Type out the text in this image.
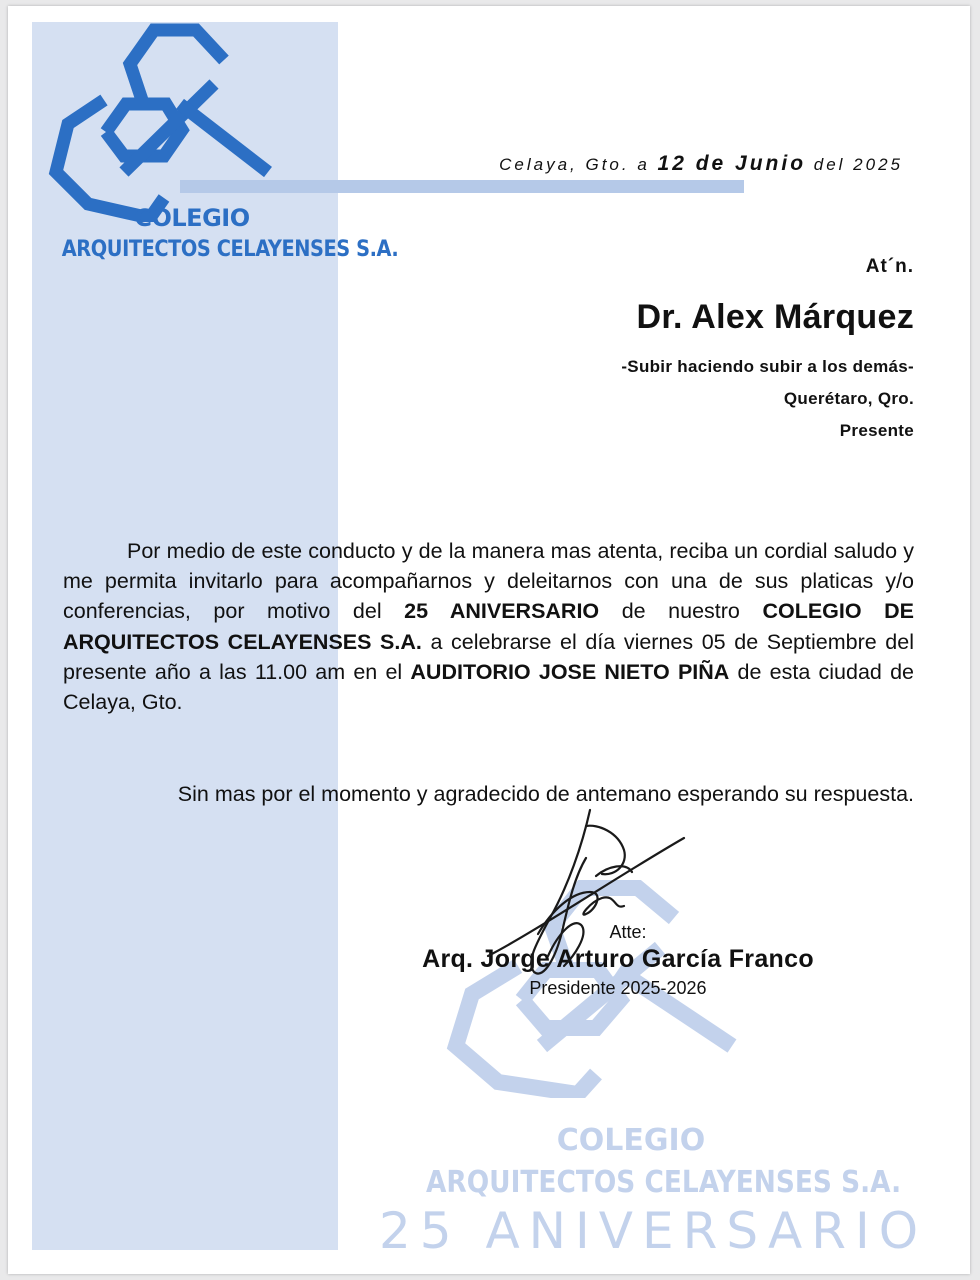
COLEGIO
ARQUITECTOS CELAYENSES S.A.
Celaya, Gto. a 12 de Junio del 2025
At´n.
Dr. Alex Márquez
-Subir haciendo subir a los demás-
Querétaro, Qro.
Presente
Por medio de este conducto y de la manera mas atenta, reciba un cordial saludo y me permita invitarlo para acompañarnos y deleitarnos con una de sus platicas y/o conferencias, por motivo del 25 ANIVERSARIO de nuestro COLEGIO DE ARQUITECTOS CELAYENSES S.A. a celebrarse el día viernes 05 de Septiembre del presente año a las 11.00 am en el AUDITORIO JOSE NIETO PIÑA de esta ciudad de Celaya, Gto.
Sin mas por el momento y agradecido de antemano esperando su respuesta.
COLEGIO
ARQUITECTOS CELAYENSES S.A.
25 ANIVERSARIO
Atte:
Arq. Jorge Arturo García Franco
Presidente 2025-2026
